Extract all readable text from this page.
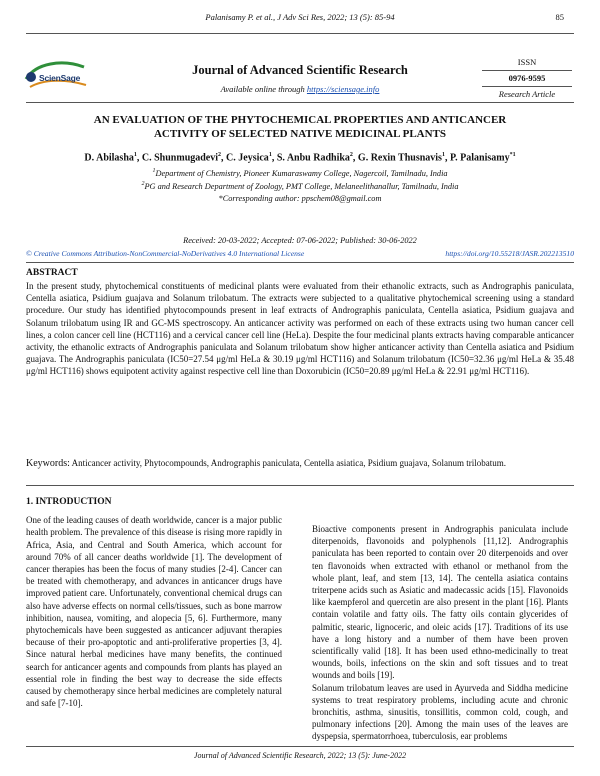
Palanisamy P. et al., J Adv Sci Res, 2022; 13 (5): 85-94	85
ScienSage
Journal of Advanced Scientific Research
Available online through https://sciensage.info
ISSN
0976-9595
Research Article
AN EVALUATION OF THE PHYTOCHEMICAL PROPERTIES AND ANTICANCER
ACTIVITY OF SELECTED NATIVE MEDICINAL PLANTS
D. Abilasha$^1$, C. Shunmugadevi$^2$, C. Jeysica$^1$, S. Anbu Radhika$^2$, G. Rexin Thusnavis$^1$, P. Palanisamy$^{*1}$
$^1$Department of Chemistry, Pioneer Kumaraswamy College, Nagercoil, Tamilnadu, India
$^2$PG and Research Department of Zoology, PMT College, Melaneelithanallur, Tamilnadu, India
*Corresponding author: ppschem08@gmail.com
Received: 20-03-2022; Accepted: 07-06-2022; Published: 30-06-2022
© Creative Commons Attribution-NonCommercial-NoDerivatives 4.0 International License	https://doi.org/10.55218/JASR.202213510
ABSTRACT

In the present study, phytochemical constituents of medicinal plants were evaluated from their ethanolic extracts, such as Andrographis paniculata, Centella asiatica, Psidium guajava and Solanum trilobatum. The extracts were subjected to a qualitative phytochemical screening using a standard procedure. Our study has identified phytocompounds present in leaf extracts of Andrographis paniculata, Centella asiatica, Psidium guajava and Solanum trilobatum using IR and GC-MS spectroscopy. An anticancer activity was performed on each of these extracts using two human cancer cell lines, a colon cancer cell line (HCT116) and a cervical cancer cell line (HeLa). Despite the four medicinal plants extracts having comparable anticancer activity, the ethanolic extracts of Andrographis paniculata and Solanum trilobatum show higher anticancer activity than Centella asiatica and Psidium guajava. The Andrographis paniculata (IC50=27.54 μg/ml HeLa & 30.19 μg/ml HCT116) and Solanum trilobatum (IC50=32.36 μg/ml HeLa & 35.48 μg/ml HCT116) shows equipotent activity against respective cell line than Doxorubicin (IC50=20.89 μg/ml HeLa & 22.91 μg/ml HCT116).

Keywords: Anticancer activity, Phytocompounds, Andrographis paniculata, Centella asiatica, Psidium guajava, Solanum trilobatum.
1. INTRODUCTION

One of the leading causes of death worldwide, cancer is a major public health problem. The prevalence of this disease is rising more rapidly in Africa, Asia, and Central and South America, which account for around 70% of all cancer deaths worldwide [1]. The development of cancer therapies has been the focus of many studies [2-4]. Cancer can be treated with chemotherapy, and advances in anticancer drugs have improved patient care. Unfortunately, conventional chemical drugs can also have adverse effects on normal cells/tissues, such as bone marrow inhibition, nausea, vomiting, and alopecia [5, 6]. Furthermore, many phytochemicals have been suggested as anticancer adjuvant therapies because of their pro-apoptotic and anti-proliferative properties [3, 4]. Since natural herbal medicines have many benefits, the continued search for anticancer agents and compounds from plants has played an essential role in finding the best way to decrease the side effects caused by chemotherapy since herbal medicines are completely natural and safe [7-10].

Bioactive components present in Andrographis paniculata include diterpenoids, flavonoids and polyphenols [11,12]. Andrographis paniculata has been reported to contain over 20 diterpenoids and over ten flavonoids when extracted with ethanol or methanol from the whole plant, leaf, and stem [13, 14]. The centella asiatica contains triterpene acids such as Asiatic and madecassic acids [15]. Flavonoids like kaempferol and quercetin are also present in the plant [16]. Plants contain volatile and fatty oils. The fatty oils contain glycerides of palmitic, stearic, lignoceric, and oleic acids [17]. Traditions of its use have a long history and a number of them have been proven scientifically valid [18]. It has been used ethno-medicinally to treat wounds, boils, infections on the skin and soft tissues and to treat wounds and boils [19].

Solanum trilobatum leaves are used in Ayurveda and Siddha medicine systems to treat respiratory problems, including acute and chronic bronchitis, asthma, sinusitis, tonsillitis, common cold, cough, and pulmonary infections [20]. Among the main uses of the leaves are dyspepsia, spermatorrhoea, tuberculosis, ear problems

Journal of Advanced Scientific Research, 2022; 13 (5): June-2022
